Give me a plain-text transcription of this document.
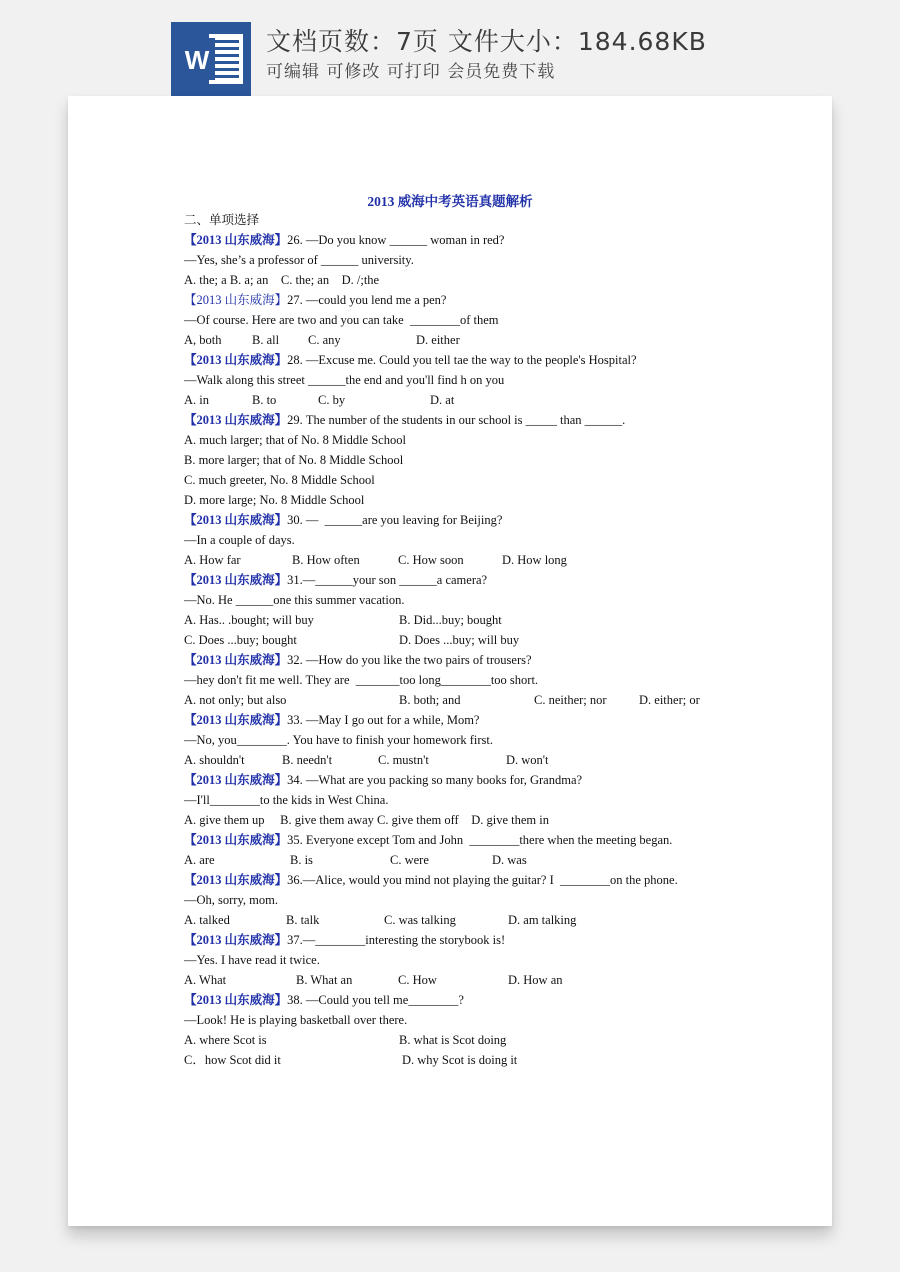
W
文档页数：7页 文件大小：184.68KB
可编辑 可修改 可打印 会员免费下载
2013 威海中考英语真题解析
二、单项选择
【2013 山东威海】26. —Do you know ______ woman in red?
—Yes, she’s a professor of ______ university.
A. the; a B. a; an    C. the; an    D. /;the
【2013 山东威海】27. —could you lend me a pen?
—Of course. Here are two and you can take  ________of them
A, both B. all C. any	D. either
【2013 山东威海】28. —Excuse me. Could you tell tae the way to the people's Hospital?
—Walk along this street ______the end and you'll find h on you
A. in	B. to	C. by	D. at
【2013 山东威海】29. The number of the students in our school is _____ than ______.
A. much larger; that of No. 8 Middle School
B. more larger; that of No. 8 Middle School
C. much greeter, No. 8 Middle School
D. more large; No. 8 Middle School
【2013 山东威海】30. —  ______are you leaving for Beijing?
—In a couple of days.
A. How far	B. How often	C. How soon	D. How long
【2013 山东威海】31.—______your son ______a camera?
—No. He ______one this summer vacation.
A. Has.. .bought; will buy	B. Did...buy; bought
C. Does ...buy; bought	D. Does ...buy; will buy
【2013 山东威海】32. —How do you like the two pairs of trousers?
—hey don't fit me well. They are  _______too long________too short.
A. not only; but also	B. both; and	C. neither; nor	D. either; or
【2013 山东威海】33. —May I go out for a while, Mom?
—No, you________. You have to finish your homework first.
A. shouldn't	B. needn't	C. mustn't	D. won't
【2013 山东威海】34. —What are you packing so many books for, Grandma?
—I'll________to the kids in West China.
A. give them up     B. give them away C. give them off    D. give them in
【2013 山东威海】35. Everyone except Tom and John  ________there when the meeting began.
A. are	B. is	C. were	D. was
【2013 山东威海】36.—Alice, would you mind not playing the guitar? I  ________on the phone.
—Oh, sorry, mom.
A. talked	B. talk	C. was talking	D. am talking
【2013 山东威海】37.—________interesting the storybook is!
—Yes. I have read it twice.
A. What	B. What an	C. How	D. How an
【2013 山东威海】38. —Could you tell me________?
—Look! He is playing basketball over there.
A. where Scot is	B. what is Scot doing
C．how Scot did it	D. why Scot is doing it
